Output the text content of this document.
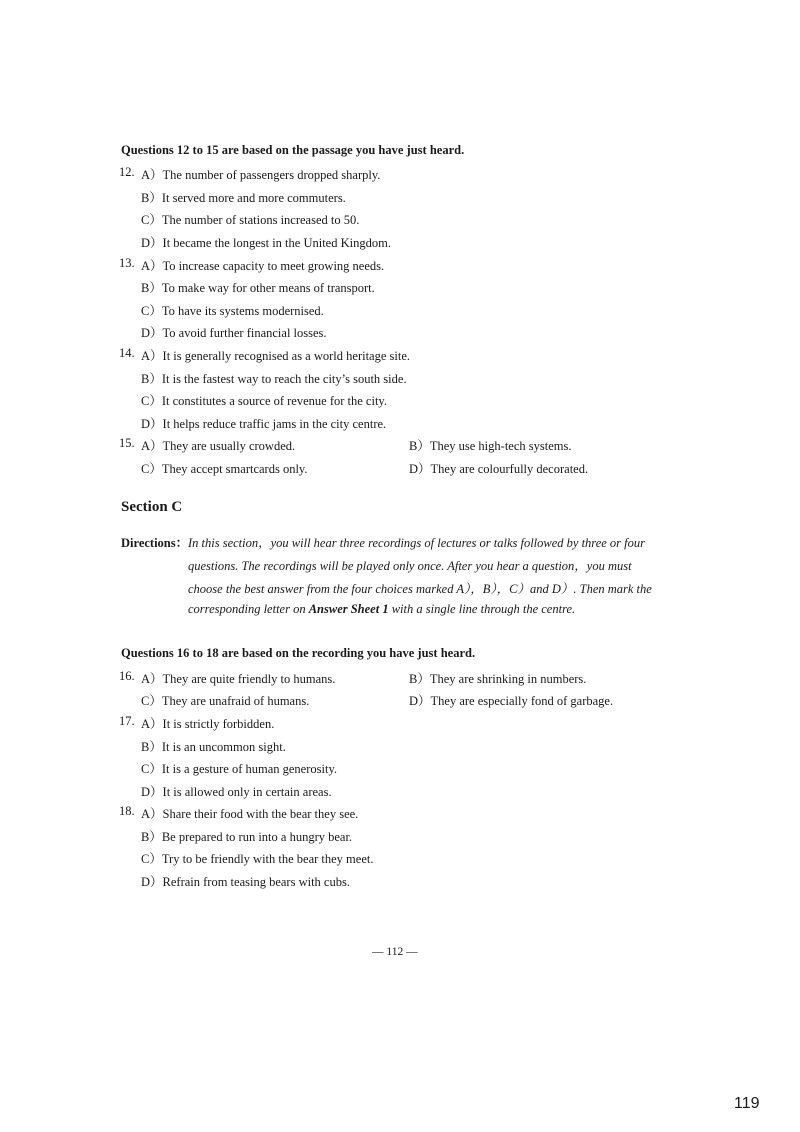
Questions 12 to 15 are based on the passage you have just heard.
12. A）The number of passengers dropped sharply.
B）It served more and more commuters.
C）The number of stations increased to 50.
D）It became the longest in the United Kingdom.
13. A）To increase capacity to meet growing needs.
B）To make way for other means of transport.
C）To have its systems modernised.
D）To avoid further financial losses.
14. A）It is generally recognised as a world heritage site.
B）It is the fastest way to reach the city’s south side.
C）It constitutes a source of revenue for the city.
D）It helps reduce traffic jams in the city centre.
15. A）They are usually crowded.	B）They use high-tech systems.
C）They accept smartcards only.	D）They are colourfully decorated.
Section C
Directions： In this section，you will hear three recordings of lectures or talks followed by three or four
questions. The recordings will be played only once. After you hear a question，you must
choose the best answer from the four choices marked A），B），C）and D）. Then mark the
corresponding letter on Answer Sheet 1 with a single line through the centre.
Questions 16 to 18 are based on the recording you have just heard.
16. A）They are quite friendly to humans.	B）They are shrinking in numbers.
C）They are unafraid of humans.	D）They are especially fond of garbage.
17. A）It is strictly forbidden.
B）It is an uncommon sight.
C）It is a gesture of human generosity.
D）It is allowed only in certain areas.
18. A）Share their food with the bear they see.
B）Be prepared to run into a hungry bear.
C）Try to be friendly with the bear they meet.
D）Refrain from teasing bears with cubs.
— 112 —
119
